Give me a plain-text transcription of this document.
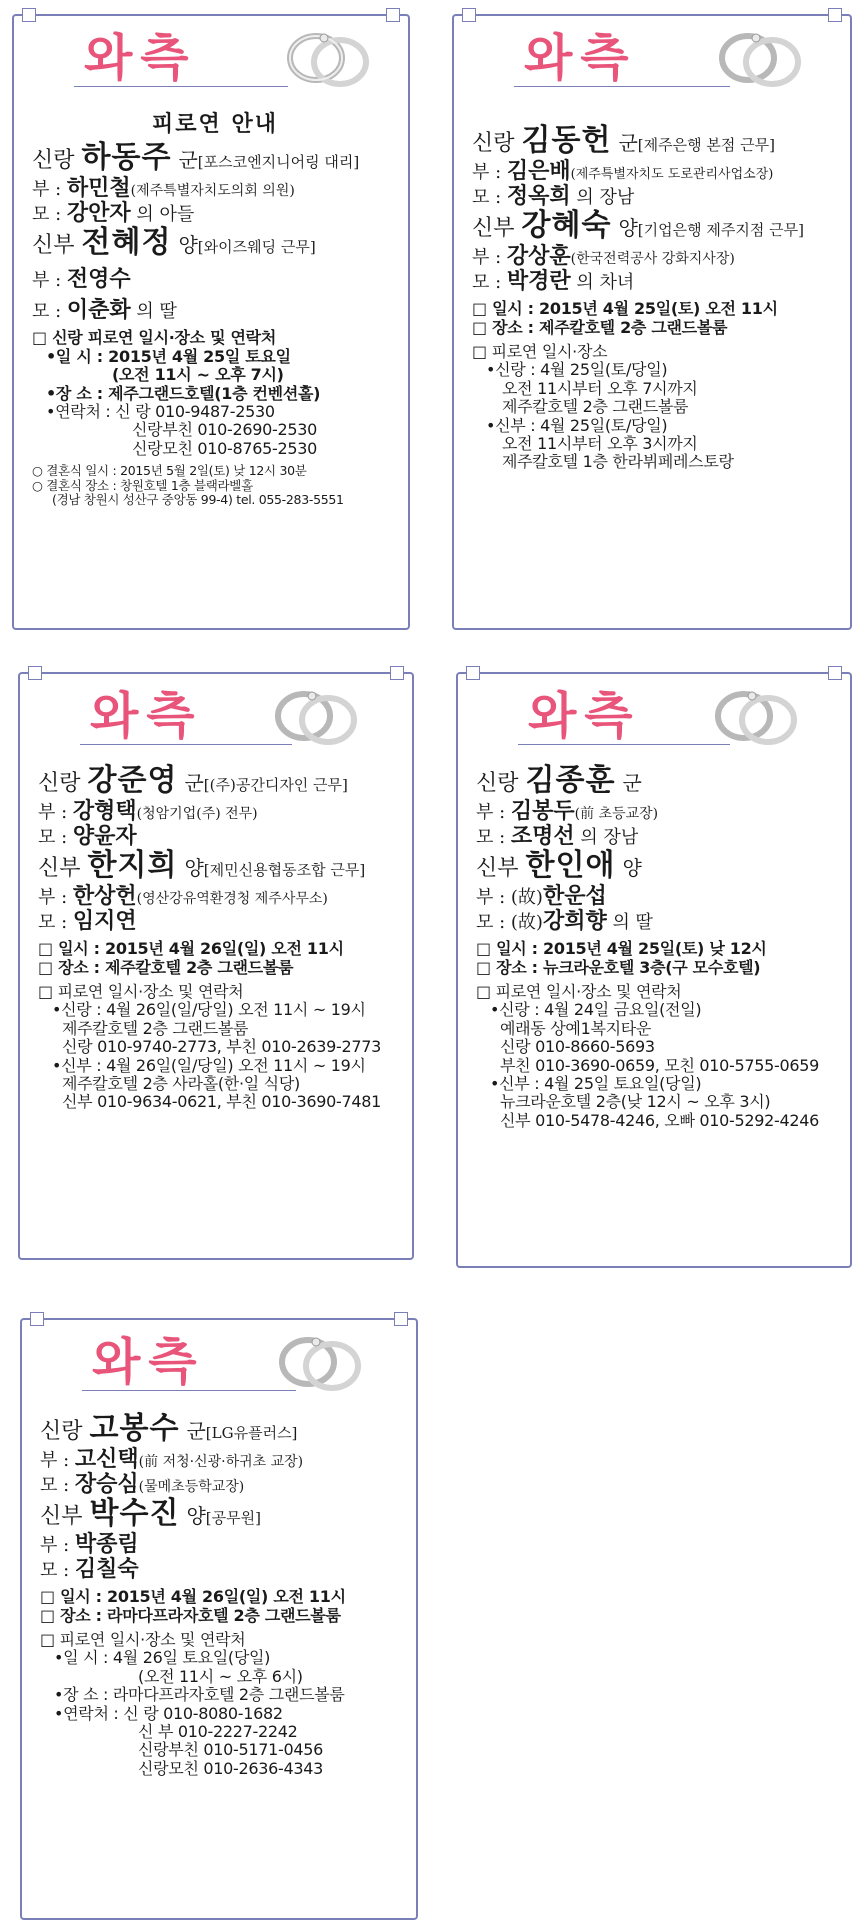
와측
피로연 안내
신랑 하동주 군[포스코엔지니어링 대리]
부 : 하민철(제주특별자치도의회 의원)
모 : 강안자 의 아들
신부 전혜정 양[와이즈웨딩 근무]
부 : 전영수
모 : 이춘화 의 딸
□ 신랑 피로연 일시·장소 및 연락처
•일 시 : 2015년 4월 25일 토요일
(오전 11시 ~ 오후 7시)
•장 소 : 제주그랜드호텔(1층 컨벤션홀)
•연락처 : 신 랑 010-9487-2530
신랑부친 010-2690-2530
신랑모친 010-8765-2530
○ 결혼식 일시 : 2015년 5월 2일(토) 낮 12시 30분
○ 결혼식 장소 : 창원호텔 1층 블랙라벨홀
(경남 창원시 성산구 중앙동 99-4) tel. 055-283-5551
와측
신랑 김동헌 군[제주은행 본점 근무]
부 : 김은배(제주특별자치도 도로관리사업소장)
모 : 정옥희 의 장남
신부 강혜숙 양[기업은행 제주지점 근무]
부 : 강상훈(한국전력공사 강화지사장)
모 : 박경란 의 차녀
□ 일시 : 2015년 4월 25일(토) 오전 11시
□ 장소 : 제주칼호텔 2층 그랜드볼룸
□ 피로연 일시·장소
•신랑 : 4월 25일(토/당일)
오전 11시부터 오후 7시까지
제주칼호텔 2층 그랜드볼룸
•신부 : 4월 25일(토/당일)
오전 11시부터 오후 3시까지
제주칼호텔 1층 한라뷔페레스토랑
와측
신랑 강준영 군[(주)공간디자인 근무]
부 : 강형택(청암기업(주) 전무)
모 : 양윤자
신부 한지희 양[제민신용협동조합 근무]
부 : 한상헌(영산강유역환경청 제주사무소)
모 : 임지연
□ 일시 : 2015년 4월 26일(일) 오전 11시
□ 장소 : 제주칼호텔 2층 그랜드볼룸
□ 피로연 일시·장소 및 연락처
•신랑 : 4월 26일(일/당일) 오전 11시 ~ 19시
제주칼호텔 2층 그랜드볼룸
신랑 010-9740-2773, 부친 010-2639-2773
•신부 : 4월 26일(일/당일) 오전 11시 ~ 19시
제주칼호텔 2층 사라홀(한·일 식당)
신부 010-9634-0621, 부친 010-3690-7481
와측
신랑 김종훈 군
부 : 김봉두(前 초등교장)
모 : 조명선 의 장남
신부 한인애 양
부 : (故)한운섭
모 : (故)강희향 의 딸
□ 일시 : 2015년 4월 25일(토) 낮 12시
□ 장소 : 뉴크라운호텔 3층(구 모수호텔)
□ 피로연 일시·장소 및 연락처
•신랑 : 4월 24일 금요일(전일)
예래동 상예1복지타운
신랑 010-8660-5693
부친 010-3690-0659, 모친 010-5755-0659
•신부 : 4월 25일 토요일(당일)
뉴크라운호텔 2층(낮 12시 ~ 오후 3시)
신부 010-5478-4246, 오빠 010-5292-4246
와측
신랑 고봉수 군[LG유플러스]
부 : 고신택(前 저청·신광·하귀초 교장)
모 : 장승심(물메초등학교장)
신부 박수진 양[공무원]
부 : 박종림
모 : 김칠숙
□ 일시 : 2015년 4월 26일(일) 오전 11시
□ 장소 : 라마다프라자호텔 2층 그랜드볼룸
□ 피로연 일시·장소 및 연락처
•일 시 : 4월 26일 토요일(당일)
(오전 11시 ~ 오후 6시)
•장 소 : 라마다프라자호텔 2층 그랜드볼룸
•연락처 : 신 랑 010-8080-1682
신 부 010-2227-2242
신랑부친 010-5171-0456
신랑모친 010-2636-4343
